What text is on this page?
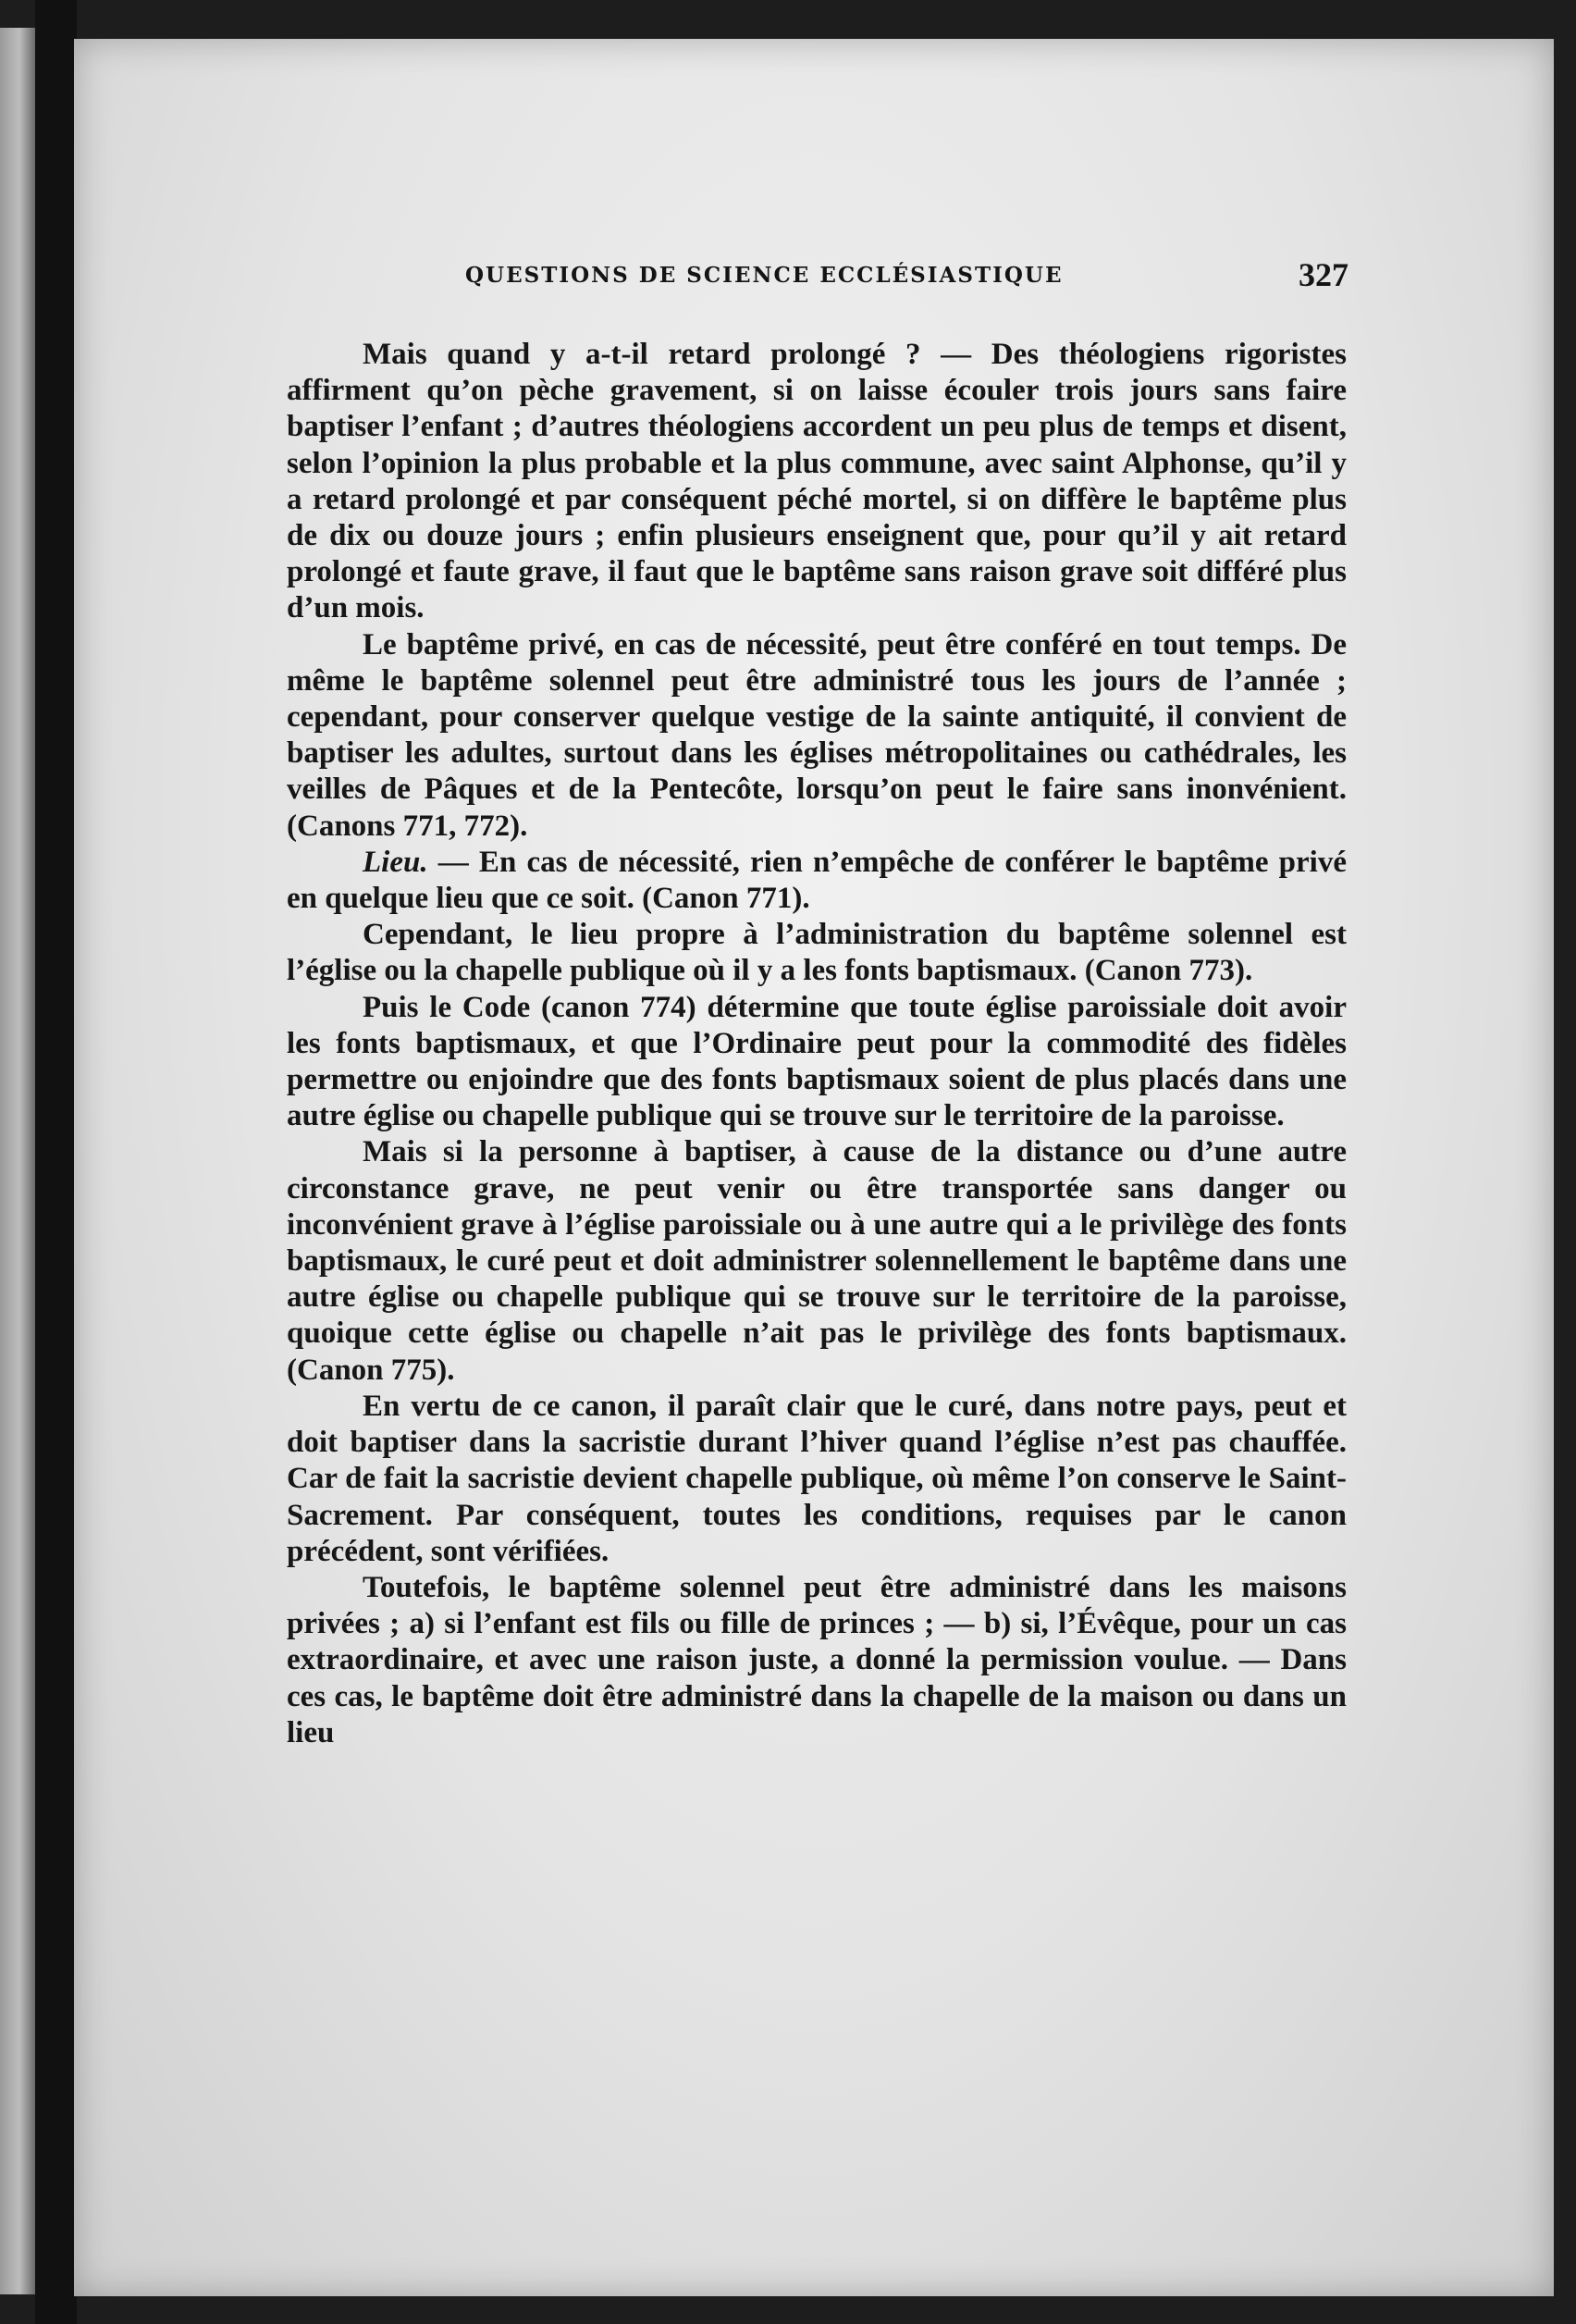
QUESTIONS DE SCIENCE ECCLÉSIASTIQUE	327

Mais quand y a-t-il retard prolongé ? — Des théologiens rigoristes affirment qu’on pèche gravement, si on laisse écouler trois jours sans faire baptiser l’enfant ; d’autres théologiens accordent un peu plus de temps et disent, selon l’opinion la plus probable et la plus commune, avec saint Alphonse, qu’il y a retard prolongé et par conséquent péché mortel, si on diffère le baptême plus de dix ou douze jours ; enfin plusieurs enseignent que, pour qu’il y ait retard prolongé et faute grave, il faut que le baptême sans raison grave soit différé plus d’un mois.

Le baptême privé, en cas de nécessité, peut être conféré en tout temps. De même le baptême solennel peut être administré tous les jours de l’année ; cependant, pour conserver quelque vestige de la sainte antiquité, il convient de baptiser les adultes, surtout dans les églises métropolitaines ou cathédrales, les veilles de Pâques et de la Pentecôte, lorsqu’on peut le faire sans inonvénient. (Canons 771, 772).

Lieu. — En cas de nécessité, rien n’empêche de conférer le baptême privé en quelque lieu que ce soit. (Canon 771).

Cependant, le lieu propre à l’administration du baptême solennel est l’église ou la chapelle publique où il y a les fonts baptismaux. (Canon 773).

Puis le Code (canon 774) détermine que toute église paroissiale doit avoir les fonts baptismaux, et que l’Ordinaire peut pour la commodité des fidèles permettre ou enjoindre que des fonts baptismaux soient de plus placés dans une autre église ou chapelle publique qui se trouve sur le territoire de la paroisse.

Mais si la personne à baptiser, à cause de la distance ou d’une autre circonstance grave, ne peut venir ou être transportée sans danger ou inconvénient grave à l’église paroissiale ou à une autre qui a le privilège des fonts baptismaux, le curé peut et doit administrer solennellement le baptême dans une autre église ou chapelle publique qui se trouve sur le territoire de la paroisse, quoique cette église ou chapelle n’ait pas le privilège des fonts baptismaux. (Canon 775).

En vertu de ce canon, il paraît clair que le curé, dans notre pays, peut et doit baptiser dans la sacristie durant l’hiver quand l’église n’est pas chauffée. Car de fait la sacristie devient chapelle publique, où même l’on conserve le Saint-Sacrement. Par conséquent, toutes les conditions, requises par le canon précédent, sont vérifiées.

Toutefois, le baptême solennel peut être administré dans les maisons privées ; a) si l’enfant est fils ou fille de princes ; — b) si, l’Évêque, pour un cas extraordinaire, et avec une raison juste, a donné la permission voulue. — Dans ces cas, le baptême doit être administré dans la chapelle de la maison ou dans un lieu
